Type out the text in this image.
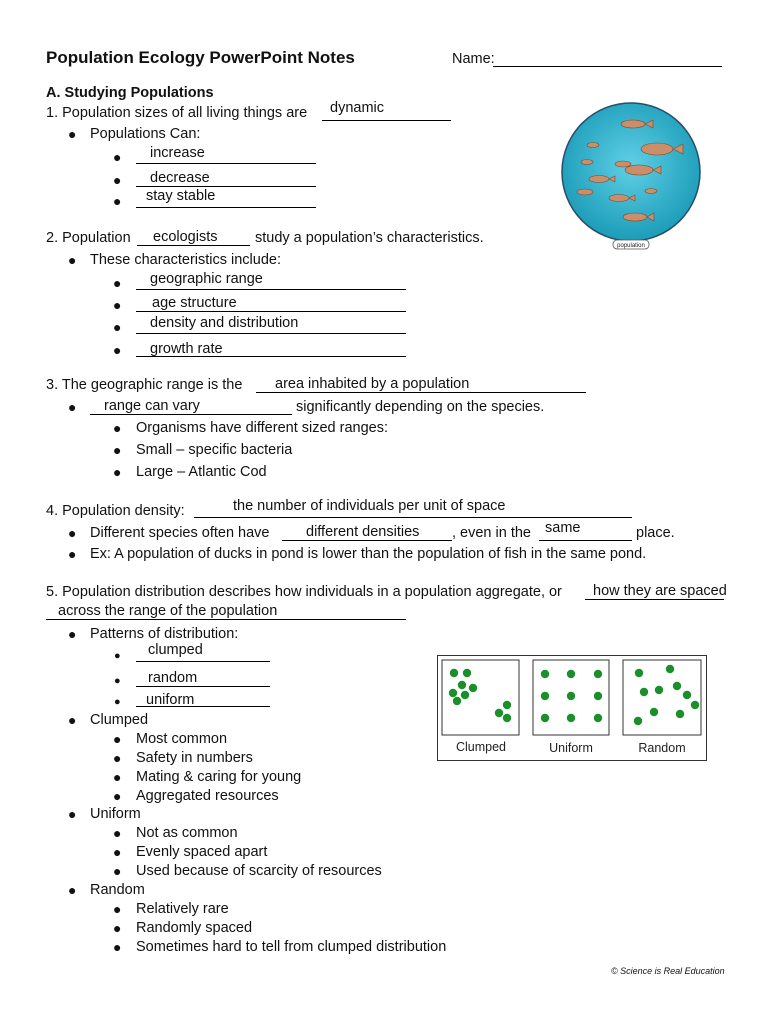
Population Ecology PowerPoint Notes	Name:
A. Studying Populations
1. Population sizes of all living things are dynamic
● Populations Can:
● increase
● decrease
● stay stable
population
2. Population ecologists	study a population’s characteristics.
● These characteristics include:
● geographic range
● age structure
● density and distribution
● growth rate
3. The geographic range is the area inhabited by a population
● range can vary	significantly depending on the species.
● Organisms have different sized ranges:
● Small – specific bacteria
● Large – Atlantic Cod
4. Population density:	the number of individuals per unit of space
● Different species often have	different densities , even in the same	place.
● Ex: A population of ducks in pond is lower than the population of fish in the same pond.
5. Population distribution describes how individuals in a population aggregate, or how they are spaced
across the range of the population
● Patterns of distribution:
● clumped
● random
● uniform
● Clumped
● Most common
● Safety in numbers
● Mating & caring for young
● Aggregated resources
● Uniform
● Not as common
● Evenly spaced apart
● Used because of scarcity of resources
● Random
● Relatively rare
● Randomly spaced
● Sometimes hard to tell from clumped distribution
Clumped	Uniform	Random
© Science is Real Education
